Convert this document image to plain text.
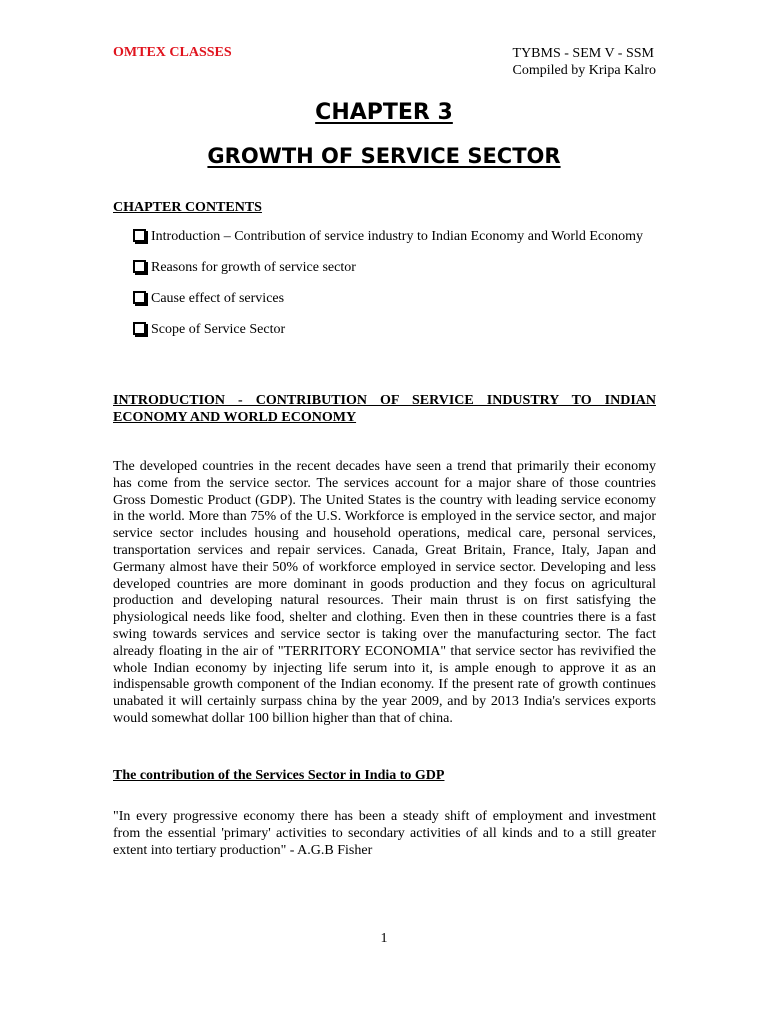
OMTEX CLASSES	TYBMS - SEM V - SSM
Compiled by Kripa Kalro
CHAPTER 3
GROWTH OF SERVICE SECTOR
CHAPTER CONTENTS
Introduction – Contribution of service industry to Indian Economy and World Economy
Reasons for growth of service sector
Cause effect of services
Scope of Service Sector
INTRODUCTION - CONTRIBUTION OF SERVICE INDUSTRY TO INDIAN ECONOMY AND WORLD ECONOMY

The developed countries in the recent decades have seen a trend that primarily their economy has come from the service sector. The services account for a major share of those countries Gross Domestic Product (GDP). The United States is the country with leading service economy in the world. More than 75% of the U.S. Workforce is employed in the service sector, and major service sector includes housing and household operations, medical care, personal services, transportation services and repair services. Canada, Great Britain, France, Italy, Japan and Germany almost have their 50% of workforce employed in service sector. Developing and less developed countries are more dominant in goods production and they focus on agricultural production and developing natural resources. Their main thrust is on first satisfying the physiological needs like food, shelter and clothing. Even then in these countries there is a fast swing towards services and service sector is taking over the manufacturing sector. The fact already floating in the air of "TERRITORY ECONOMIA" that service sector has revivified the whole Indian economy by injecting life serum into it, is ample enough to approve it as an indispensable growth component of the Indian economy. If the present rate of growth continues unabated it will certainly surpass china by the year 2009, and by 2013 India's services exports would somewhat dollar 100 billion higher than that of china.

The contribution of the Services Sector in India to GDP

"In every progressive economy there has been a steady shift of employment and investment from the essential 'primary' activities to secondary activities of all kinds and to a still greater extent into tertiary production" - A.G.B Fisher

1
